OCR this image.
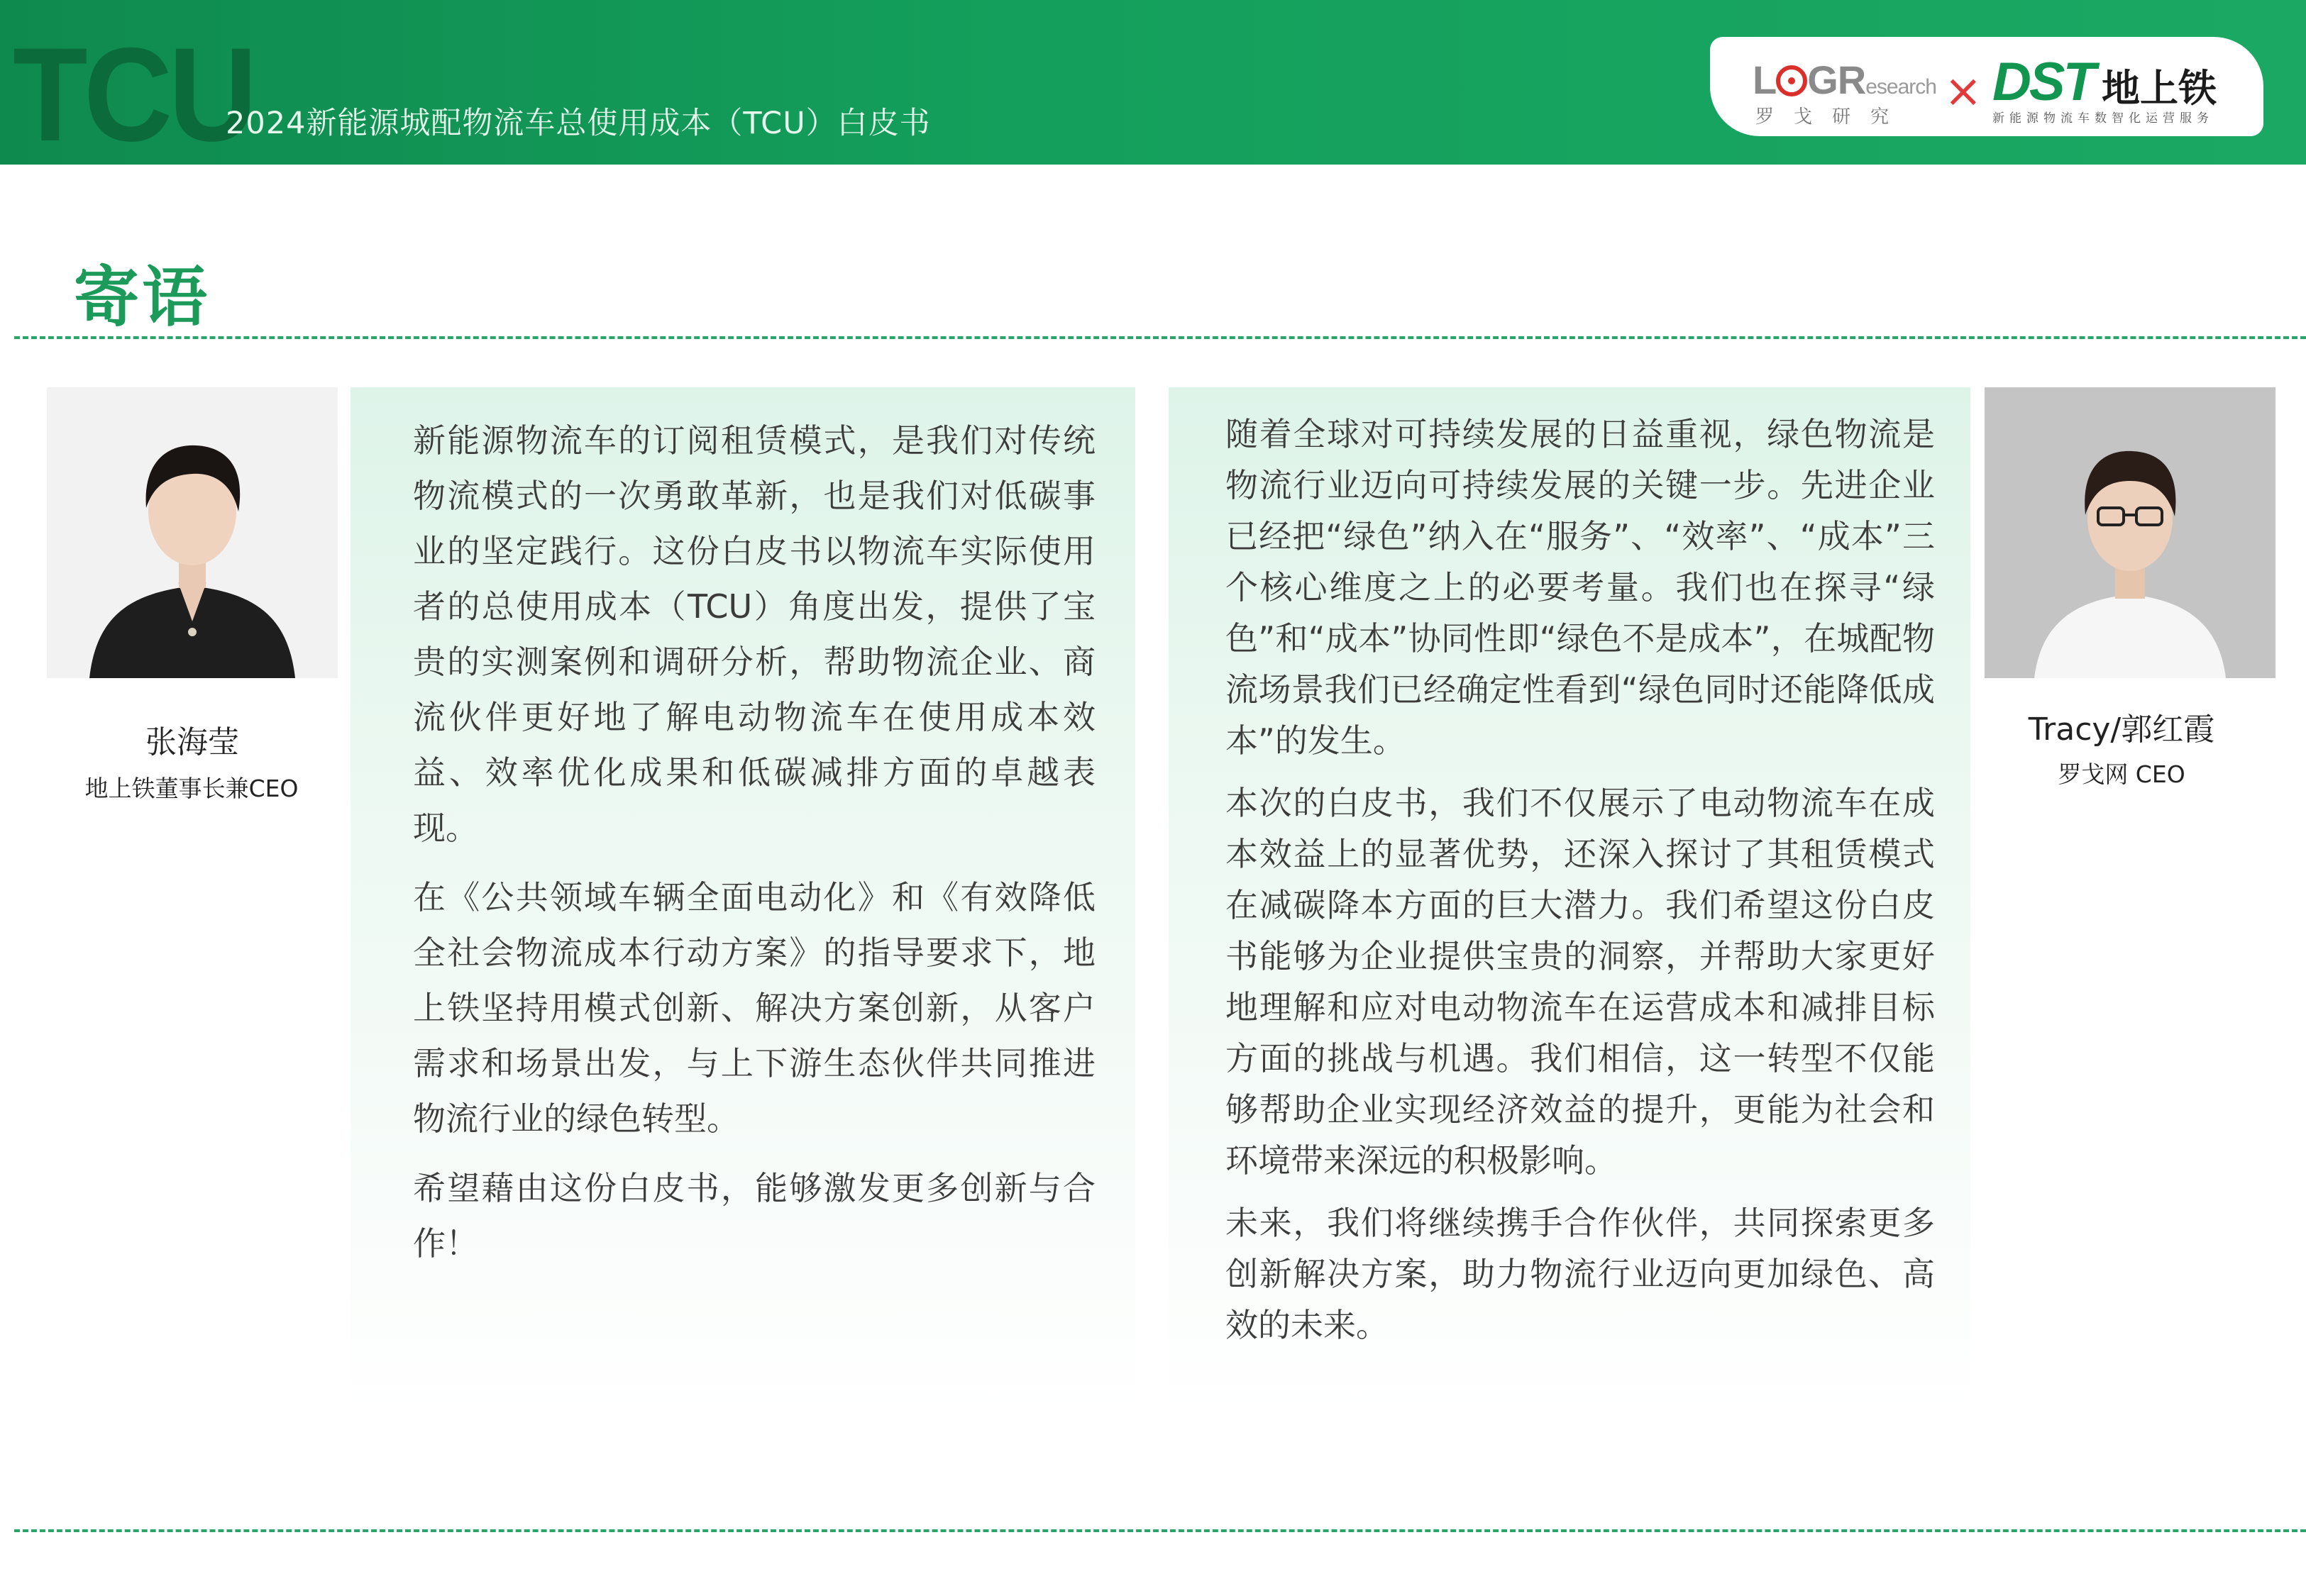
TCU
2024新能源城配物流车总使用成本（TCU）白皮书
L GResearch
罗戈研究 × DST 地上铁
新能源物流车数智化运营服务
寄语
张海莹
地上铁董事长兼CEO
Tracy/郭红霞
罗戈网 CEO

新能源物流车的订阅租赁模式，是我们对传统物流模式的一次勇敢革新，也是我们对低碳事业的坚定践行。这份白皮书以物流车实际使用者的总使用成本（TCU）角度出发，提供了宝贵的实测案例和调研分析，帮助物流企业、商流伙伴更好地了解电动物流车在使用成本效益、效率优化成果和低碳减排方面的卓越表现。

在《公共领域车辆全面电动化》和《有效降低全社会物流成本行动方案》的指导要求下，地上铁坚持用模式创新、解决方案创新，从客户需求和场景出发，与上下游生态伙伴共同推进物流行业的绿色转型。

希望藉由这份白皮书，能够激发更多创新与合作！

随着全球对可持续发展的日益重视，绿色物流是物流行业迈向可持续发展的关键一步。先进企业已经把“绿色”纳入在“服务”、“效率”、“成本”三个核心维度之上的必要考量。我们也在探寻“绿色”和“成本”协同性即“绿色不是成本”，在城配物流场景我们已经确定性看到“绿色同时还能降低成本”的发生。

本次的白皮书，我们不仅展示了电动物流车在成本效益上的显著优势，还深入探讨了其租赁模式在减碳降本方面的巨大潜力。我们希望这份白皮书能够为企业提供宝贵的洞察，并帮助大家更好地理解和应对电动物流车在运营成本和减排目标方面的挑战与机遇。我们相信，这一转型不仅能够帮助企业实现经济效益的提升，更能为社会和环境带来深远的积极影响。

未来，我们将继续携手合作伙伴，共同探索更多创新解决方案，助力物流行业迈向更加绿色、高效的未来。
